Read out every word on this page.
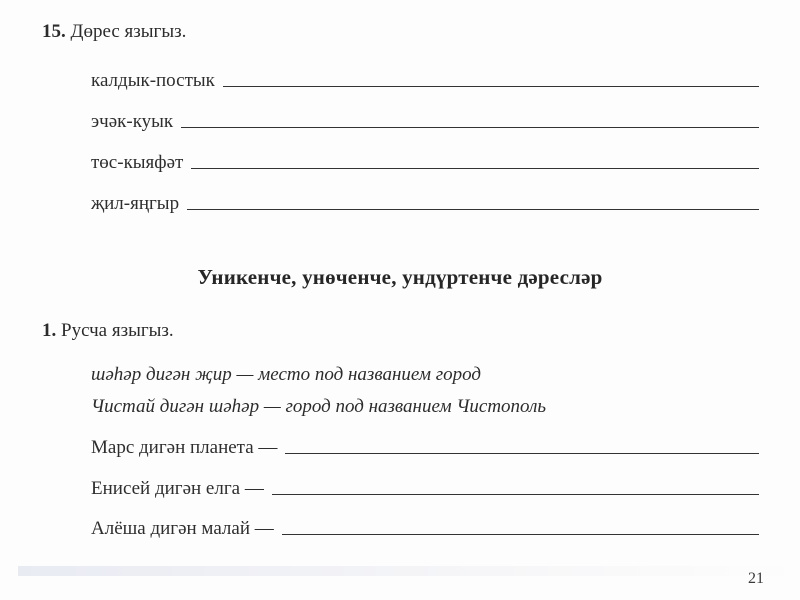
15. Дөрес языгыз.
калдык-постык
эчәк-куык
төс-кыяфәт
җил-яңгыр
Уникенче, унөченче, ундүртенче дәресләр
1. Русча языгыз.
шәһәр дигән җир — место под названием город
Чистай дигән шәһәр — город под названием Чистополь
Марс дигән планета —
Енисей дигән елга —
Алёша дигән малай —
21
